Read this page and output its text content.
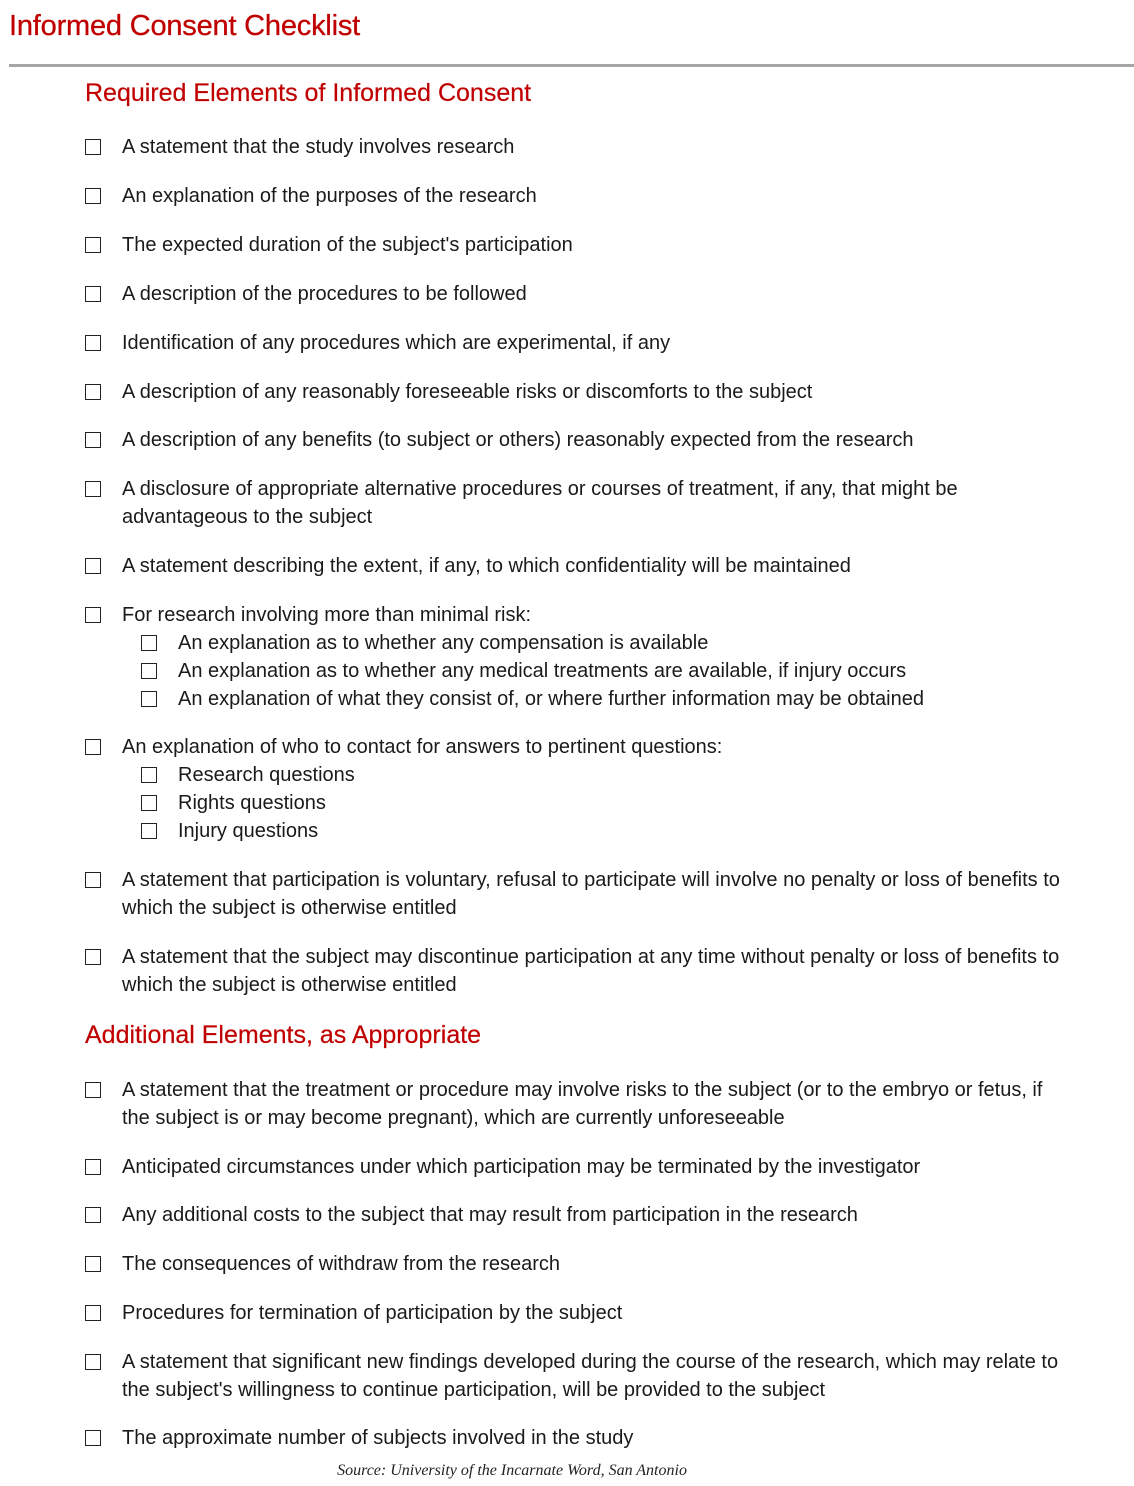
Informed Consent Checklist
Required Elements of Informed Consent
A statement that the study involves research
An explanation of the purposes of the research
The expected duration of the subject's participation
A description of the procedures to be followed
Identification of any procedures which are experimental, if any
A description of any reasonably foreseeable risks or discomforts to the subject
A description of any benefits (to subject or others) reasonably expected from the research
A disclosure of appropriate alternative procedures or courses of treatment, if any, that might be advantageous to the subject
A statement describing the extent, if any, to which confidentiality will be maintained
For research involving more than minimal risk:
An explanation as to whether any compensation is available
An explanation as to whether any medical treatments are available, if injury occurs
An explanation of what they consist of, or where further information may be obtained
An explanation of who to contact for answers to pertinent questions:
Research questions
Rights questions
Injury questions
A statement that participation is voluntary, refusal to participate will involve no penalty or loss of benefits to which the subject is otherwise entitled
A statement that the subject may discontinue participation at any time without penalty or loss of benefits to which the subject is otherwise entitled
Additional Elements, as Appropriate
A statement that the treatment or procedure may involve risks to the subject (or to the embryo or fetus, if the subject is or may become pregnant), which are currently unforeseeable
Anticipated circumstances under which participation may be terminated by the investigator
Any additional costs to the subject that may result from participation in the research
The consequences of withdraw from the research
Procedures for termination of participation by the subject
A statement that significant new findings developed during the course of the research, which may relate to the subject's willingness to continue participation, will be provided to the subject
The approximate number of subjects involved in the study
Source: University of the Incarnate Word, San Antonio
